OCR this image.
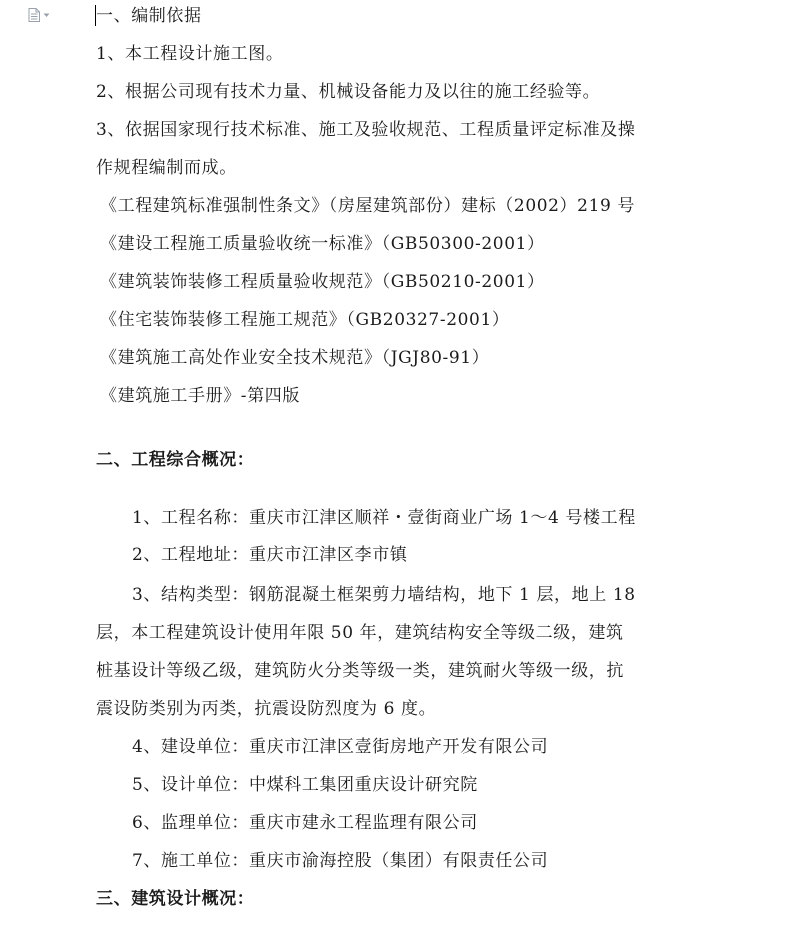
一、编制依据
1、本工程设计施工图。
2、根据公司现有技术力量、机械设备能力及以往的施工经验等。
3、依据国家现行技术标准、施工及验收规范、工程质量评定标准及操
作规程编制而成。
《工程建筑标准强制性条文》（房屋建筑部份）建标（2002）219 号
《建设工程施工质量验收统一标准》（GB50300-2001）
《建筑装饰装修工程质量验收规范》（GB50210-2001）
《住宅装饰装修工程施工规范》（GB20327-2001）
《建筑施工高处作业安全技术规范》（JGJ80-91）
《建筑施工手册》-第四版
二、工程综合概况：
1、工程名称：重庆市江津区顺祥・壹街商业广场 1～4 号楼工程
2、工程地址：重庆市江津区李市镇
3、结构类型：钢筋混凝土框架剪力墙结构，地下 1 层，地上 18
层，本工程建筑设计使用年限 50 年，建筑结构安全等级二级，建筑
桩基设计等级乙级，建筑防火分类等级一类，建筑耐火等级一级，抗
震设防类别为丙类，抗震设防烈度为 6 度。
4、建设单位：重庆市江津区壹街房地产开发有限公司
5、设计单位：中煤科工集团重庆设计研究院
6、监理单位：重庆市建永工程监理有限公司
7、施工单位：重庆市渝海控股（集团）有限责任公司
三、建筑设计概况：
